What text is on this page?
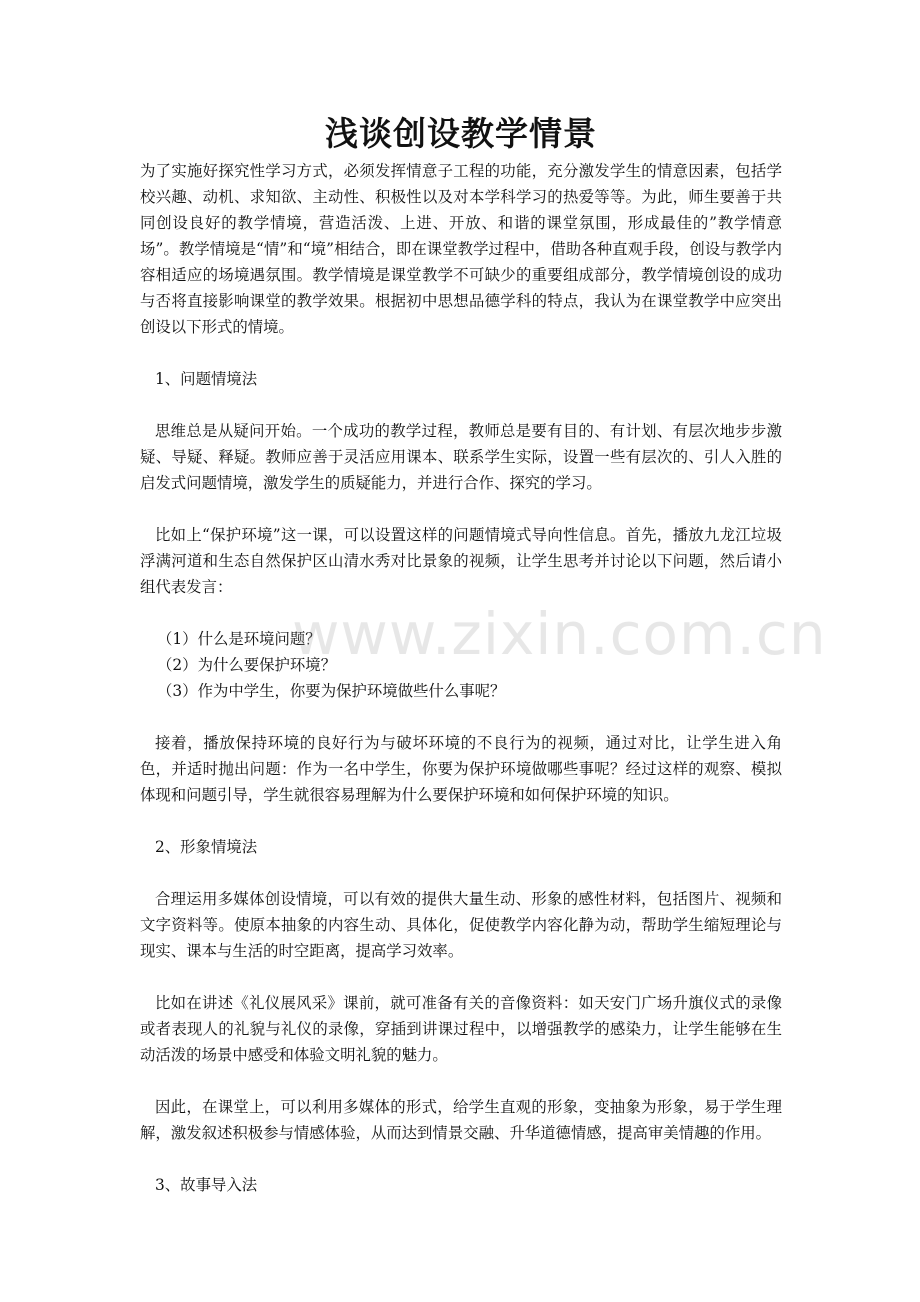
浅谈创设教学情景

为了实施好探究性学习方式，必须发挥情意子工程的功能，充分激发学生的情意因素，包括学校兴趣、动机、求知欲、主动性、积极性以及对本学科学习的热爱等等。为此，师生要善于共同创设良好的教学情境，营造活泼、上进、开放、和谐的课堂氛围，形成最佳的”教学情意场”。教学情境是“情”和“境”相结合，即在课堂教学过程中，借助各种直观手段，创设与教学内容相适应的场境遇氛围。教学情境是课堂教学不可缺少的重要组成部分，教学情境创设的成功与否将直接影响课堂的教学效果。根据初中思想品德学科的特点，我认为在课堂教学中应突出创设以下形式的情境。

1、问题情境法

思维总是从疑问开始。一个成功的教学过程，教师总是要有目的、有计划、有层次地步步激疑、导疑、释疑。教师应善于灵活应用课本、联系学生实际，设置一些有层次的、引人入胜的启发式问题情境，激发学生的质疑能力，并进行合作、探究的学习。

比如上“保护环境”这一课，可以设置这样的问题情境式导向性信息。首先，播放九龙江垃圾浮满河道和生态自然保护区山清水秀对比景象的视频，让学生思考并讨论以下问题，然后请小组代表发言：

（1）什么是环境问题？

（2）为什么要保护环境？

（3）作为中学生，你要为保护环境做些什么事呢？

接着，播放保持环境的良好行为与破坏环境的不良行为的视频，通过对比，让学生进入角色，并适时抛出问题：作为一名中学生，你要为保护环境做哪些事呢？经过这样的观察、模拟体现和问题引导，学生就很容易理解为什么要保护环境和如何保护环境的知识。

2、形象情境法

合理运用多媒体创设情境，可以有效的提供大量生动、形象的感性材料，包括图片、视频和文字资料等。使原本抽象的内容生动、具体化，促使教学内容化静为动，帮助学生缩短理论与现实、课本与生活的时空距离，提高学习效率。

比如在讲述《礼仪展风采》课前，就可准备有关的音像资料：如天安门广场升旗仪式的录像或者表现人的礼貌与礼仪的录像，穿插到讲课过程中，以增强教学的感染力，让学生能够在生动活泼的场景中感受和体验文明礼貌的魅力。

因此，在课堂上，可以利用多媒体的形式，给学生直观的形象，变抽象为形象，易于学生理解，激发叙述积极参与情感体验，从而达到情景交融、升华道德情感，提高审美情趣的作用。

3、故事导入法

www.zixin.com.cn
